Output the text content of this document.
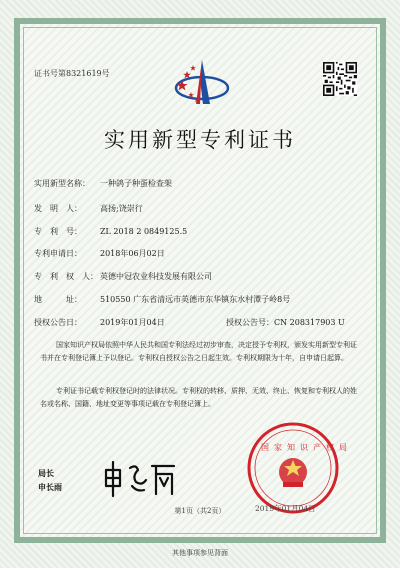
证书号第8321619号
实用新型专利证书
实用新型名称： 一种鸽子种蛋检查架
发　明　人： 高扬;饶崇行
专　利　号： ZL 2018 2 0849125.5
专利申请日： 2018年06月02日
专　利　权　人： 英德中冠农业科技发展有限公司
地　　　址： 510550 广东省清远市英德市东华镇东水村潭子岭8号
授权公告日： 2019年01月04日	授权公告号：CN 208317903 U
国家知识产权局依照中华人民共和国专利法经过初步审查，决定授予专利权，颁发实用新型专利证书并在专利登记簿上予以登记。专利权自授权公告之日起生效。专利权期限为十年，自申请日起算。
专利证书记载专利权登记时的法律状况。专利权的转移、质押、无效、终止、恢复和专利权人的姓名或名称、国籍、地址变更等事项记载在专利登记簿上。
局长
申长雨
国家知识产权局
2019年01月04日
第1页（共2页）
其他事项参见背面
